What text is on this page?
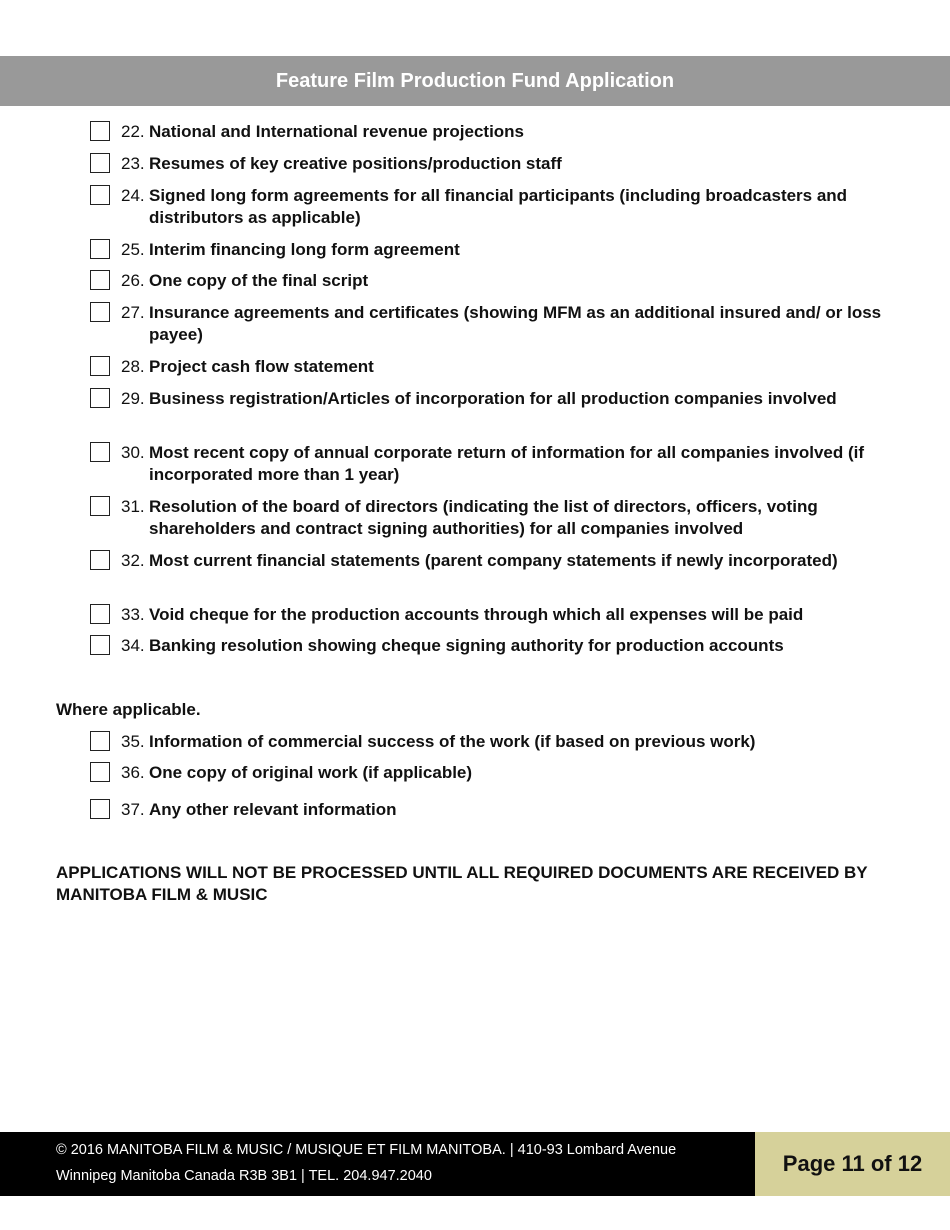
Feature Film Production Fund Application
22. National and International revenue projections
23. Resumes of key creative positions/production staff
24. Signed long form agreements for all financial participants (including broadcasters and distributors as applicable)
25. Interim financing long form agreement
26. One copy of the final script
27. Insurance agreements and certificates (showing MFM as an additional insured and/ or loss payee)
28. Project cash flow statement
29. Business registration/Articles of incorporation for all production companies involved
30. Most recent copy of annual corporate return of information for all companies involved (if incorporated more than 1 year)
31. Resolution of the board of directors (indicating the list of directors, officers, voting shareholders and contract signing authorities) for all companies involved
32. Most current financial statements (parent company statements if newly incorporated)
33. Void cheque for the production accounts through which all expenses will be paid
34. Banking resolution showing cheque signing authority for production accounts
Where applicable.
35. Information of commercial success of the work (if based on previous work)
36. One copy of original work (if applicable)
37. Any other relevant information
APPLICATIONS WILL NOT BE PROCESSED UNTIL ALL REQUIRED DOCUMENTS ARE RECEIVED BY MANITOBA FILM & MUSIC
© 2016 MANITOBA FILM & MUSIC / MUSIQUE ET FILM MANITOBA. | 410-93 Lombard Avenue
Winnipeg Manitoba Canada R3B 3B1 | TEL. 204.947.2040	Page 11 of 12
